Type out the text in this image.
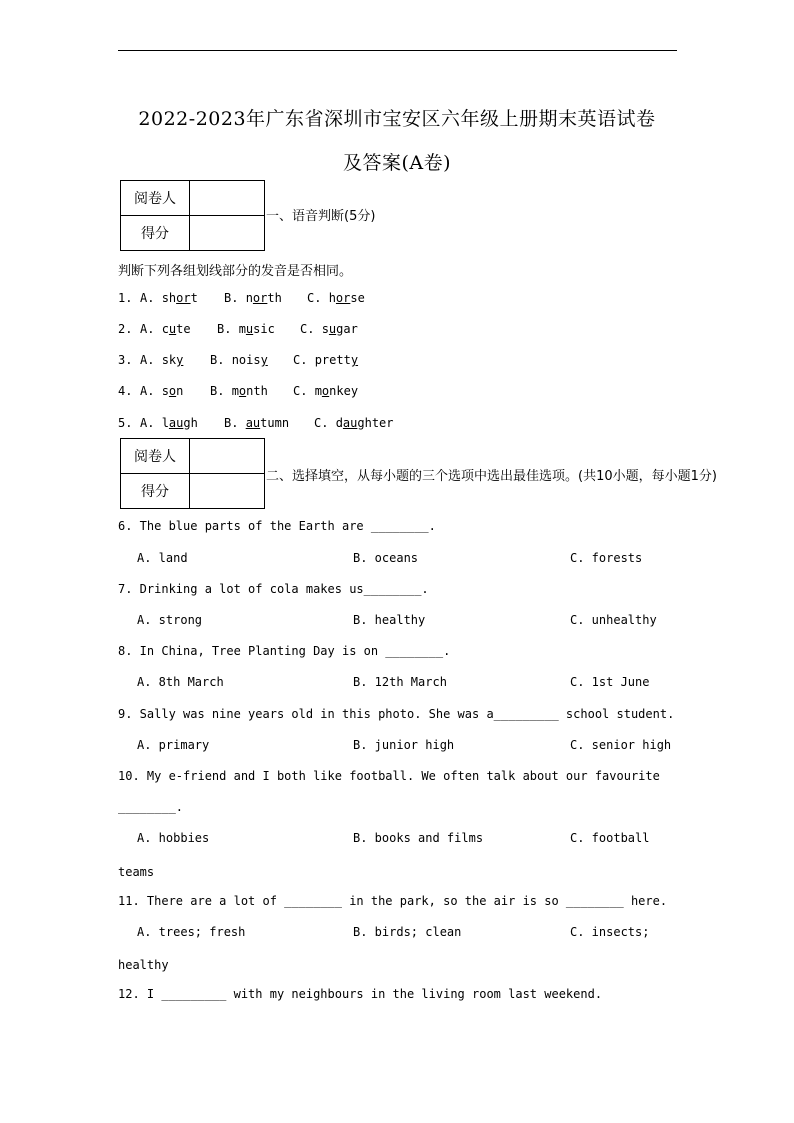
2022-2023年广东省深圳市宝安区六年级上册期末英语试卷
及答案(A卷)
阅卷人	
得分	
一、语音判断(5分)
判断下列各组划线部分的发音是否相同。
1. A. short B. north C. horse
2. A. cute B. music C. sugar
3. A. sky B. noisy C. pretty
4. A. son B. month C. monkey
5. A. laugh B. autumn C. daughter
阅卷人	
得分	
二、选择填空，从每小题的三个选项中选出最佳选项。(共10小题，每小题1分)
6. The blue parts of the Earth are ________.
A. land	B. oceans	C. forests
7. Drinking a lot of cola makes us________.
A. strong	B. healthy	C. unhealthy
8. In China, Tree Planting Day is on ________.
A. 8th March	B. 12th March	C. 1st June
9. Sally was nine years old in this photo. She was a_________ school student.
A. primary	B. junior high	C. senior high
10. My e-friend and I both like football. We often talk about our favourite
________.
A. hobbies	B. books and films	C. football
teams
11. There are a lot of ________ in the park, so the air is so ________ here.
A. trees; fresh	B. birds; clean	C. insects;
healthy
12. I _________ with my neighbours in the living room last weekend.
